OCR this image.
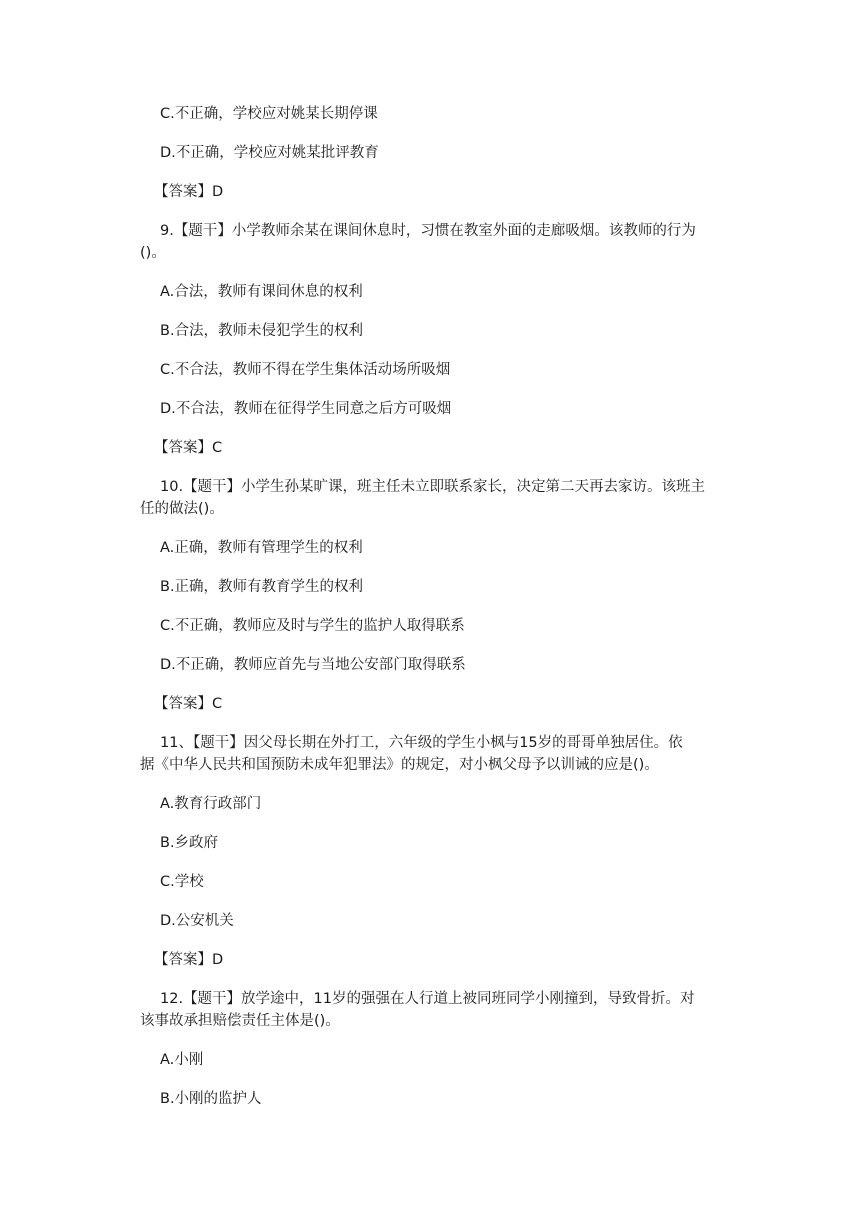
C.不正确，学校应对姚某长期停课

D.不正确，学校应对姚某批评教育

【答案】D

9.【题干】小学教师余某在课间休息时，习惯在教室外面的走廊吸烟。该教师的行为

()。

A.合法，教师有课间休息的权利

B.合法，教师未侵犯学生的权利

C.不合法，教师不得在学生集体活动场所吸烟

D.不合法，教师在征得学生同意之后方可吸烟

【答案】C

10.【题干】小学生孙某旷课，班主任未立即联系家长，决定第二天再去家访。该班主

任的做法()。

A.正确，教师有管理学生的权利

B.正确，教师有教育学生的权利

C.不正确，教师应及时与学生的监护人取得联系

D.不正确，教师应首先与当地公安部门取得联系

【答案】C

11、【题干】因父母长期在外打工，六年级的学生小枫与15岁的哥哥单独居住。依

据《中华人民共和国预防未成年犯罪法》的规定，对小枫父母予以训诫的应是()。

A.教育行政部门

B.乡政府

C.学校

D.公安机关

【答案】D

12.【题干】放学途中，11岁的强强在人行道上被同班同学小刚撞到，导致骨折。对

该事故承担赔偿责任主体是()。

A.小刚

B.小刚的监护人
